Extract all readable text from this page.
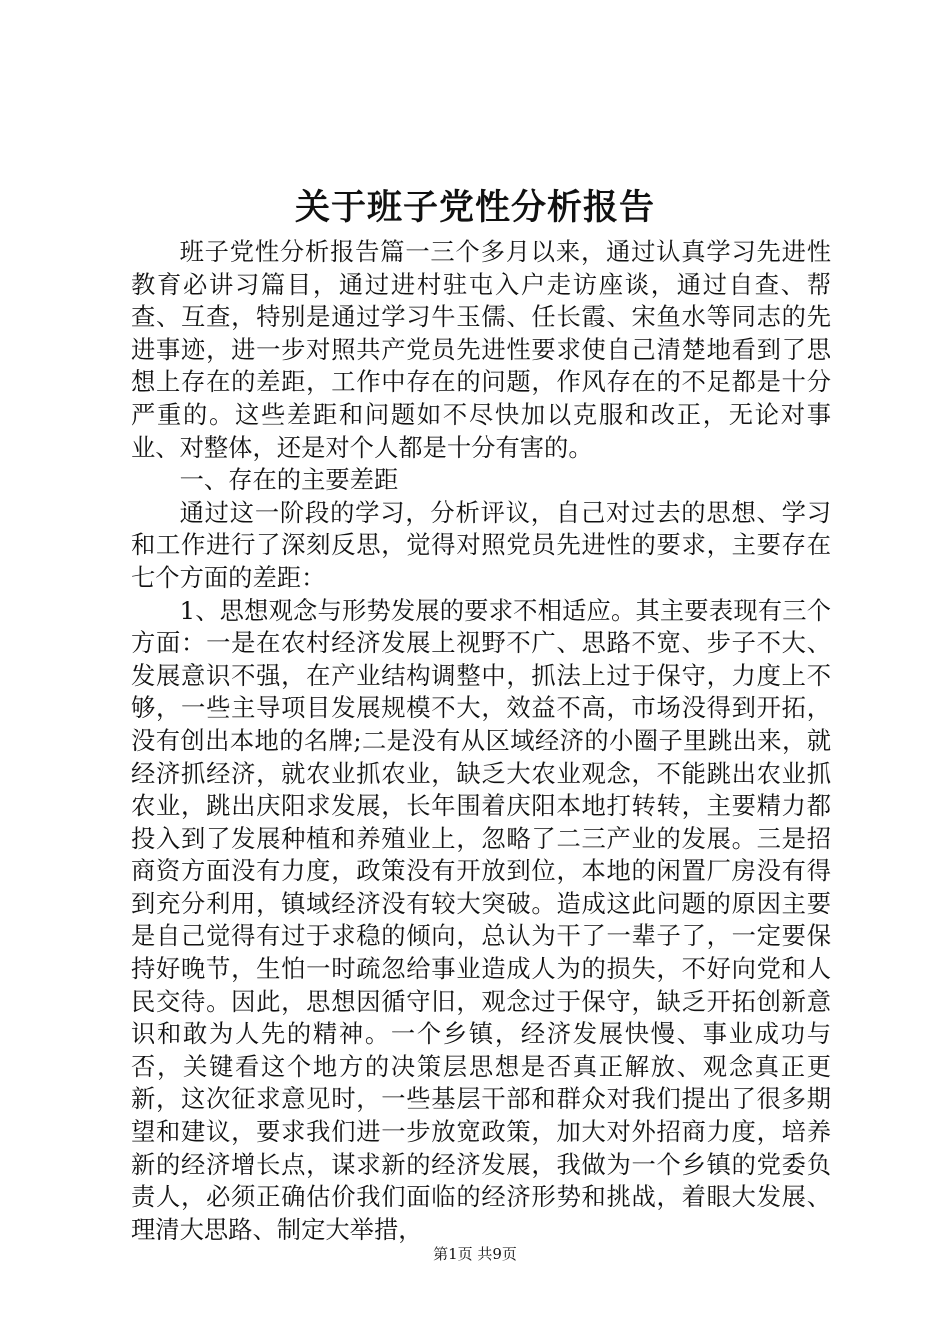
关于班子党性分析报告

班子党性分析报告篇一三个多月以来，通过认真学习先进性教育必讲习篇目，通过进村驻屯入户走访座谈，通过自查、帮查、互查，特别是通过学习牛玉儒、任长霞、宋鱼水等同志的先进事迹，进一步对照共产党员先进性要求使自己清楚地看到了思想上存在的差距，工作中存在的问题，作风存在的不足都是十分严重的。这些差距和问题如不尽快加以克服和改正，无论对事业、对整体，还是对个人都是十分有害的。

一、存在的主要差距

通过这一阶段的学习，分析评议，自己对过去的思想、学习和工作进行了深刻反思，觉得对照党员先进性的要求，主要存在七个方面的差距：

1、思想观念与形势发展的要求不相适应。其主要表现有三个方面：一是在农村经济发展上视野不广、思路不宽、步子不大、发展意识不强，在产业结构调整中，抓法上过于保守，力度上不够，一些主导项目发展规模不大，效益不高，市场没得到开拓，没有创出本地的名牌;二是没有从区域经济的小圈子里跳出来，就经济抓经济，就农业抓农业，缺乏大农业观念，不能跳出农业抓农业，跳出庆阳求发展，长年围着庆阳本地打转转，主要精力都投入到了发展种植和养殖业上，忽略了二三产业的发展。三是招商资方面没有力度，政策没有开放到位，本地的闲置厂房没有得到充分利用，镇域经济没有较大突破。造成这此问题的原因主要是自己觉得有过于求稳的倾向，总认为干了一辈子了，一定要保持好晚节，生怕一时疏忽给事业造成人为的损失，不好向党和人民交待。因此，思想因循守旧，观念过于保守，缺乏开拓创新意识和敢为人先的精神。一个乡镇，经济发展快慢、事业成功与否，关键看这个地方的决策层思想是否真正解放、观念真正更新，这次征求意见时，一些基层干部和群众对我们提出了很多期望和建议，要求我们进一步放宽政策，加大对外招商力度，培养新的经济增长点，谋求新的经济发展，我做为一个乡镇的党委负责人，必须正确估价我们面临的经济形势和挑战，着眼大发展、理清大思路、制定大举措，

第1页 共9页
